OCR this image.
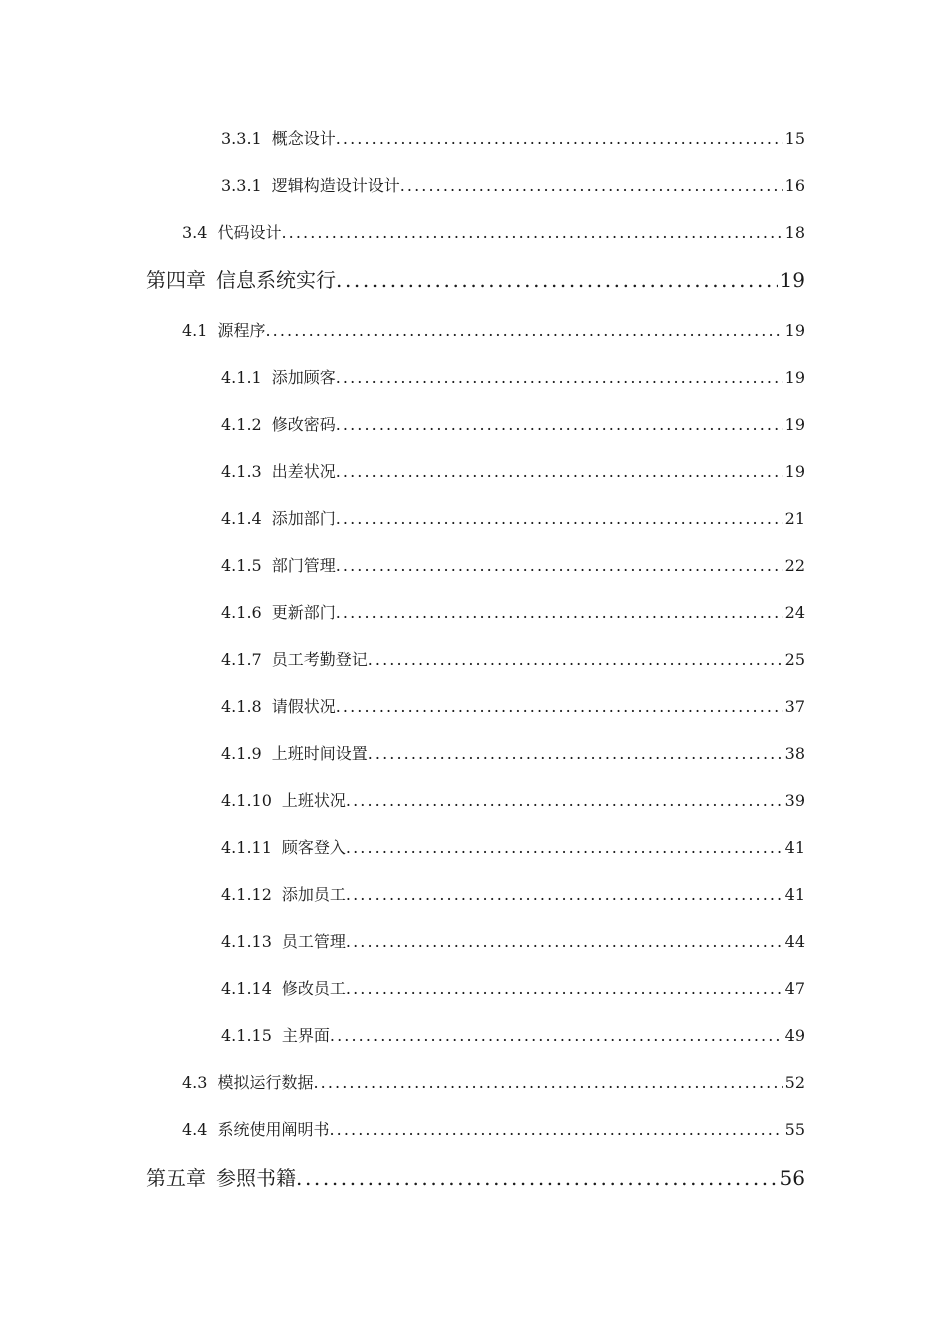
3.3.1 概念设计 .....	15
3.3.1 逻辑构造设计设计 .....	16
3.4 代码设计 .....	18
第四章 信息系统实行 .....	19
4.1 源程序 .....	19
4.1.1 添加顾客 .....	19
4.1.2 修改密码 .....	19
4.1.3 出差状况 .....	19
4.1.4 添加部门 .....	21
4.1.5 部门管理 .....	22
4.1.6 更新部门 .....	24
4.1.7 员工考勤登记 .....	25
4.1.8 请假状况 .....	37
4.1.9 上班时间设置 .....	38
4.1.10 上班状况 .....	39
4.1.11 顾客登入 .....	41
4.1.12 添加员工 .....	41
4.1.13 员工管理 .....	44
4.1.14 修改员工 .....	47
4.1.15 主界面 .....	49
4.3 模拟运行数据 .....	52
4.4 系统使用阐明书 .....	55
第五章 参照书籍 .....	56
